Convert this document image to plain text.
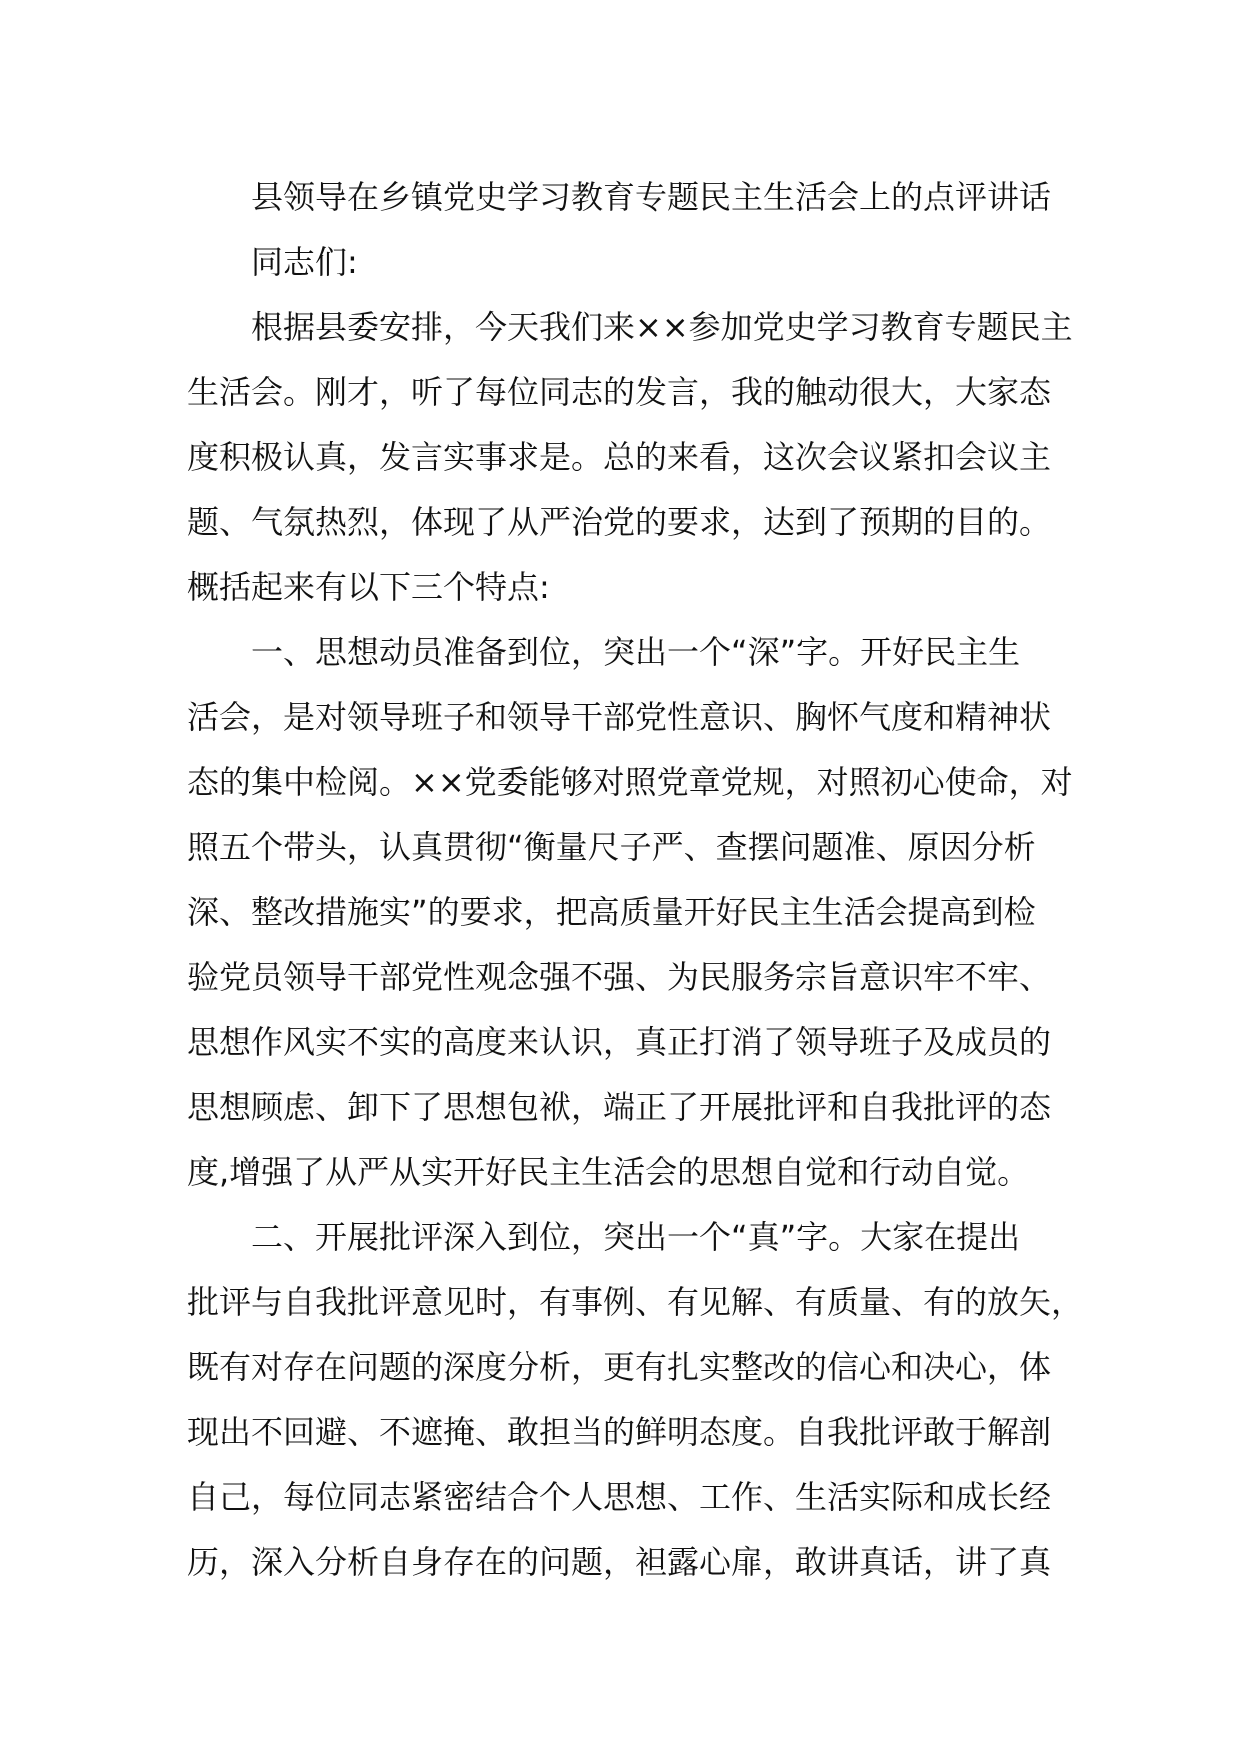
县领导在乡镇党史学习教育专题民主生活会上的点评讲话
同志们:
根据县委安排，今天我们来××参加党史学习教育专题民主
生活会。刚才，听了每位同志的发言，我的触动很大，大家态
度积极认真，发言实事求是。总的来看，这次会议紧扣会议主
题、气氛热烈，体现了从严治党的要求，达到了预期的目的。
概括起来有以下三个特点:
一、思想动员准备到位，突出一个“深”字。开好民主生
活会，是对领导班子和领导干部党性意识、胸怀气度和精神状
态的集中检阅。××党委能够对照党章党规，对照初心使命，对
照五个带头，认真贯彻“衡量尺子严、查摆问题准、原因分析
深、整改措施实”的要求，把高质量开好民主生活会提高到检
验党员领导干部党性观念强不强、为民服务宗旨意识牢不牢、
思想作风实不实的高度来认识，真正打消了领导班子及成员的
思想顾虑、卸下了思想包袱，端正了开展批评和自我批评的态
度,增强了从严从实开好民主生活会的思想自觉和行动自觉。
二、开展批评深入到位，突出一个“真”字。大家在提出
批评与自我批评意见时，有事例、有见解、有质量、有的放矢，
既有对存在问题的深度分析，更有扎实整改的信心和决心，体
现出不回避、不遮掩、敢担当的鲜明态度。自我批评敢于解剖
自己，每位同志紧密结合个人思想、工作、生活实际和成长经
历，深入分析自身存在的问题，袒露心扉，敢讲真话，讲了真
